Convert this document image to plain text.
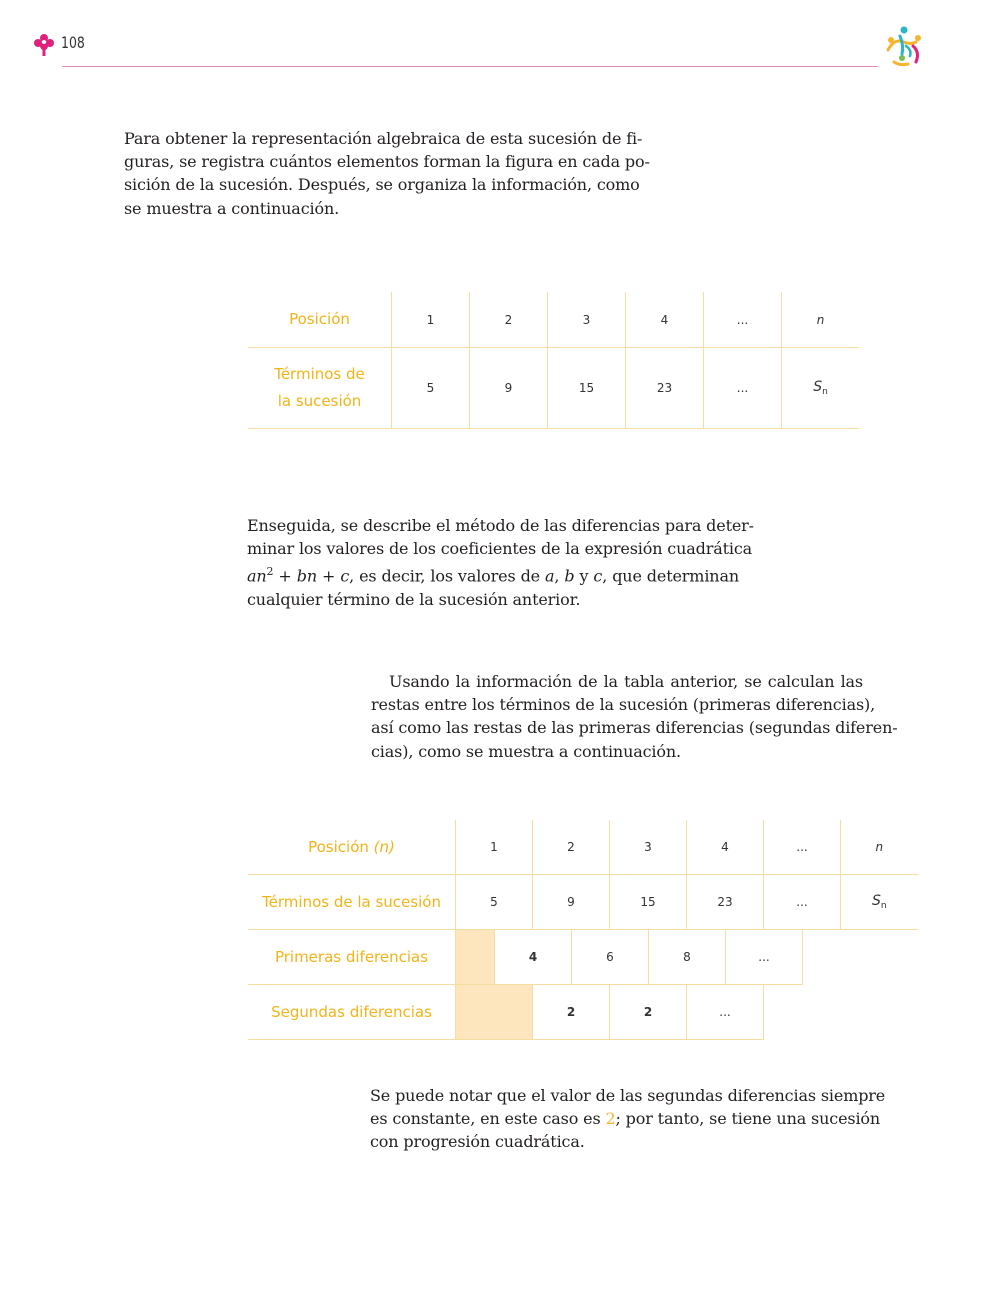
108

Para obtener la representación algebraica de esta sucesión de fi-
guras, se registra cuántos elementos forman la figura en cada po-
sición de la sucesión. Después, se organiza la información, como
se muestra a continuación.

Posición	1	2	3	4	...	n
Términos de
la sucesión	5	9	15	23	...	$S_n$

Enseguida, se describe el método de las diferencias para deter-
minar los valores de los coeficientes de la expresión cuadrática
$an^2$ + bn + c, es decir, los valores de a, b y c, que determinan
cualquier término de la sucesión anterior.

Usando la información de la tabla anterior, se calculan las
restas entre los términos de la sucesión (primeras diferencias),
así como las restas de las primeras diferencias (segundas diferen-
cias), como se muestra a continuación.

Posición (n)	1		2		3		4		...		n	
Términos de la sucesión	5		9		15		23		...		$S_n$
Primeras diferencias		4		6		8		...				
Segundas diferencias			2		2		...					

Se puede notar que el valor de las segundas diferencias siempre
es constante, en este caso es 2; por tanto, se tiene una sucesión
con progresión cuadrática.
